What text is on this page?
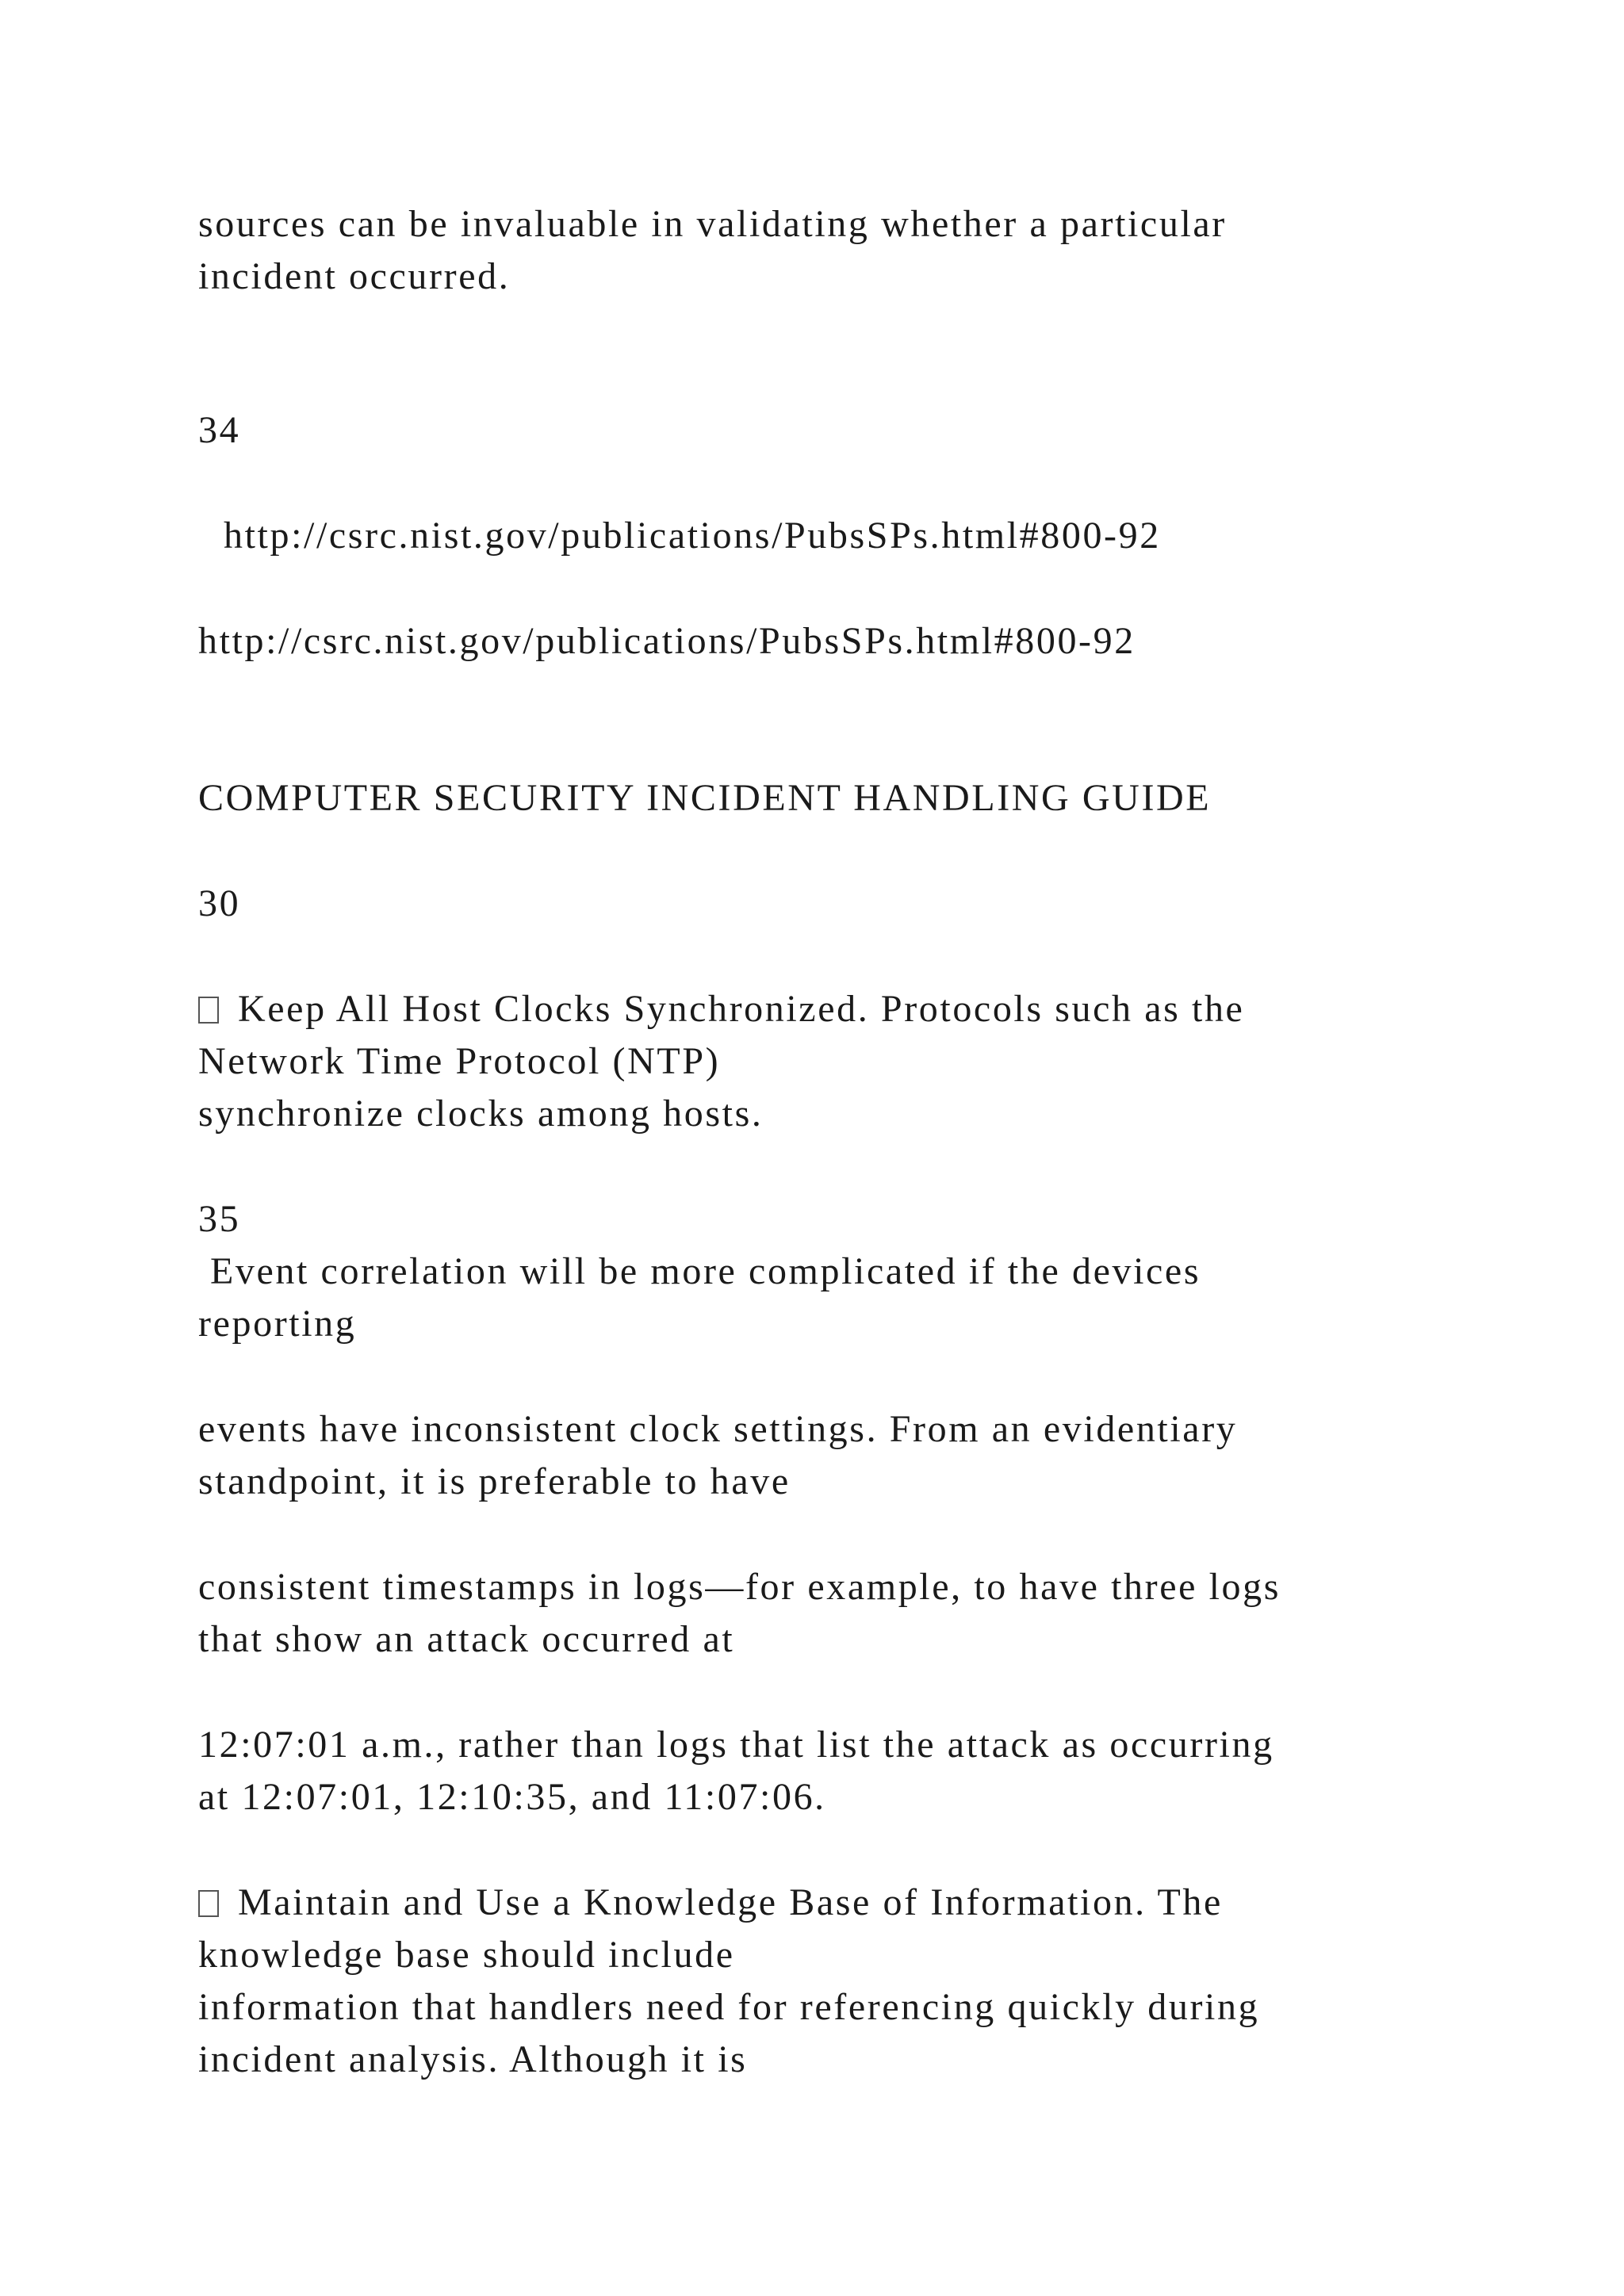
sources can be invaluable in validating whether a particular

incident occurred.

34

http://csrc.nist.gov/publications/PubsSPs.html#800-92

http://csrc.nist.gov/publications/PubsSPs.html#800-92

COMPUTER SECURITY INCIDENT HANDLING GUIDE

30

Keep All Host Clocks Synchronized. Protocols such as the

Network Time Protocol (NTP)

synchronize clocks among hosts.

35

Event correlation will be more complicated if the devices

reporting

events have inconsistent clock settings. From an evidentiary

standpoint, it is preferable to have

consistent timestamps in logs—for example, to have three logs

that show an attack occurred at

12:07:01 a.m., rather than logs that list the attack as occurring

at 12:07:01, 12:10:35, and 11:07:06.

Maintain and Use a Knowledge Base of Information. The

knowledge base should include

information that handlers need for referencing quickly during

incident analysis. Although it is
